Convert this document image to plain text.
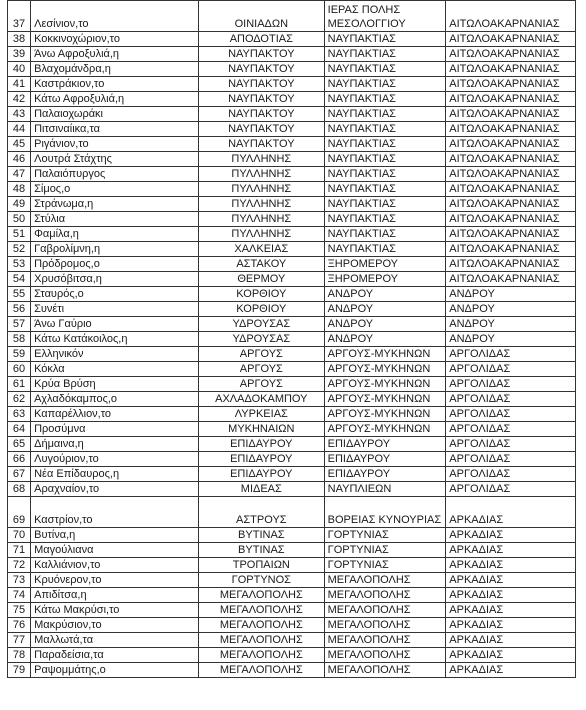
37	Λεσίνιον,το	ΟΙΝΙΑΔΩΝ	ΙΕΡΑΣ ΠΟΛΗΣ ΜΕΣΟΛΟΓΓΙΟΥ	ΑΙΤΩΛΟΑΚΑΡΝΑΝΙΑΣ
38	Κοκκινοχώριον,το	ΑΠΟΔΟΤΙΑΣ	ΝΑΥΠΑΚΤΙΑΣ	ΑΙΤΩΛΟΑΚΑΡΝΑΝΙΑΣ
39	Άνω Αφροξυλιά,η	ΝΑΥΠΑΚΤΟΥ	ΝΑΥΠΑΚΤΙΑΣ	ΑΙΤΩΛΟΑΚΑΡΝΑΝΙΑΣ
40	Βλαχομάνδρα,η	ΝΑΥΠΑΚΤΟΥ	ΝΑΥΠΑΚΤΙΑΣ	ΑΙΤΩΛΟΑΚΑΡΝΑΝΙΑΣ
41	Καστράκιον,το	ΝΑΥΠΑΚΤΟΥ	ΝΑΥΠΑΚΤΙΑΣ	ΑΙΤΩΛΟΑΚΑΡΝΑΝΙΑΣ
42	Κάτω Αφροξυλιά,η	ΝΑΥΠΑΚΤΟΥ	ΝΑΥΠΑΚΤΙΑΣ	ΑΙΤΩΛΟΑΚΑΡΝΑΝΙΑΣ
43	Παλαιοχωράκι	ΝΑΥΠΑΚΤΟΥ	ΝΑΥΠΑΚΤΙΑΣ	ΑΙΤΩΛΟΑΚΑΡΝΑΝΙΑΣ
44	Πιτσιναίικα,τα	ΝΑΥΠΑΚΤΟΥ	ΝΑΥΠΑΚΤΙΑΣ	ΑΙΤΩΛΟΑΚΑΡΝΑΝΙΑΣ
45	Ριγάνιον,το	ΝΑΥΠΑΚΤΟΥ	ΝΑΥΠΑΚΤΙΑΣ	ΑΙΤΩΛΟΑΚΑΡΝΑΝΙΑΣ
46	Λουτρά Στάχτης	ΠΥΛΛΗΝΗΣ	ΝΑΥΠΑΚΤΙΑΣ	ΑΙΤΩΛΟΑΚΑΡΝΑΝΙΑΣ
47	Παλαιόπυργος	ΠΥΛΛΗΝΗΣ	ΝΑΥΠΑΚΤΙΑΣ	ΑΙΤΩΛΟΑΚΑΡΝΑΝΙΑΣ
48	Σίμος,ο	ΠΥΛΛΗΝΗΣ	ΝΑΥΠΑΚΤΙΑΣ	ΑΙΤΩΛΟΑΚΑΡΝΑΝΙΑΣ
49	Στράνωμα,η	ΠΥΛΛΗΝΗΣ	ΝΑΥΠΑΚΤΙΑΣ	ΑΙΤΩΛΟΑΚΑΡΝΑΝΙΑΣ
50	Στύλια	ΠΥΛΛΗΝΗΣ	ΝΑΥΠΑΚΤΙΑΣ	ΑΙΤΩΛΟΑΚΑΡΝΑΝΙΑΣ
51	Φαμίλα,η	ΠΥΛΛΗΝΗΣ	ΝΑΥΠΑΚΤΙΑΣ	ΑΙΤΩΛΟΑΚΑΡΝΑΝΙΑΣ
52	Γαβρολίμνη,η	ΧΑΛΚΕΙΑΣ	ΝΑΥΠΑΚΤΙΑΣ	ΑΙΤΩΛΟΑΚΑΡΝΑΝΙΑΣ
53	Πρόδρομος,ο	ΑΣΤΑΚΟΥ	ΞΗΡΟΜΕΡΟΥ	ΑΙΤΩΛΟΑΚΑΡΝΑΝΙΑΣ
54	Χρυσόβιτσα,η	ΘΕΡΜΟΥ	ΞΗΡΟΜΕΡΟΥ	ΑΙΤΩΛΟΑΚΑΡΝΑΝΙΑΣ
55	Σταυρός,ο	ΚΟΡΘΙΟΥ	ΑΝΔΡΟΥ	ΑΝΔΡΟΥ
56	Συνέτι	ΚΟΡΘΙΟΥ	ΑΝΔΡΟΥ	ΑΝΔΡΟΥ
57	Άνω Γαύριο	ΥΔΡΟΥΣΑΣ	ΑΝΔΡΟΥ	ΑΝΔΡΟΥ
58	Κάτω Κατάκοιλος,η	ΥΔΡΟΥΣΑΣ	ΑΝΔΡΟΥ	ΑΝΔΡΟΥ
59	Ελληνικόν	ΑΡΓΟΥΣ	ΑΡΓΟΥΣ-ΜΥΚΗΝΩΝ	ΑΡΓΟΛΙΔΑΣ
60	Κόκλα	ΑΡΓΟΥΣ	ΑΡΓΟΥΣ-ΜΥΚΗΝΩΝ	ΑΡΓΟΛΙΔΑΣ
61	Κρύα Βρύση	ΑΡΓΟΥΣ	ΑΡΓΟΥΣ-ΜΥΚΗΝΩΝ	ΑΡΓΟΛΙΔΑΣ
62	Αχλαδόκαμπος,ο	ΑΧΛΑΔΟΚΑΜΠΟΥ	ΑΡΓΟΥΣ-ΜΥΚΗΝΩΝ	ΑΡΓΟΛΙΔΑΣ
63	Καπαρέλλιον,το	ΛΥΡΚΕΙΑΣ	ΑΡΓΟΥΣ-ΜΥΚΗΝΩΝ	ΑΡΓΟΛΙΔΑΣ
64	Προσύμνα	ΜΥΚΗΝΑΙΩΝ	ΑΡΓΟΥΣ-ΜΥΚΗΝΩΝ	ΑΡΓΟΛΙΔΑΣ
65	Δήμαινα,η	ΕΠΙΔΑΥΡΟΥ	ΕΠΙΔΑΥΡΟΥ	ΑΡΓΟΛΙΔΑΣ
66	Λυγούριον,το	ΕΠΙΔΑΥΡΟΥ	ΕΠΙΔΑΥΡΟΥ	ΑΡΓΟΛΙΔΑΣ
67	Νέα Επίδαυρος,η	ΕΠΙΔΑΥΡΟΥ	ΕΠΙΔΑΥΡΟΥ	ΑΡΓΟΛΙΔΑΣ
68	Αραχναίον,το	ΜΙΔΕΑΣ	ΝΑΥΠΛΙΕΩΝ	ΑΡΓΟΛΙΔΑΣ
69	Καστρίον,το	ΑΣΤΡΟΥΣ	ΒΟΡΕΙΑΣ ΚΥΝΟΥΡΙΑΣ	ΑΡΚΑΔΙΑΣ
70	Βυτίνα,η	ΒΥΤΙΝΑΣ	ΓΟΡΤΥΝΙΑΣ	ΑΡΚΑΔΙΑΣ
71	Μαγούλιανα	ΒΥΤΙΝΑΣ	ΓΟΡΤΥΝΙΑΣ	ΑΡΚΑΔΙΑΣ
72	Καλλιάνιον,το	ΤΡΟΠΑΙΩΝ	ΓΟΡΤΥΝΙΑΣ	ΑΡΚΑΔΙΑΣ
73	Κρυόνερον,το	ΓΟΡΤΥΝΟΣ	ΜΕΓΑΛΟΠΟΛΗΣ	ΑΡΚΑΔΙΑΣ
74	Απιδίτσα,η	ΜΕΓΑΛΟΠΟΛΗΣ	ΜΕΓΑΛΟΠΟΛΗΣ	ΑΡΚΑΔΙΑΣ
75	Κάτω Μακρύσι,το	ΜΕΓΑΛΟΠΟΛΗΣ	ΜΕΓΑΛΟΠΟΛΗΣ	ΑΡΚΑΔΙΑΣ
76	Μακρύσιον,το	ΜΕΓΑΛΟΠΟΛΗΣ	ΜΕΓΑΛΟΠΟΛΗΣ	ΑΡΚΑΔΙΑΣ
77	Μαλλωτά,τα	ΜΕΓΑΛΟΠΟΛΗΣ	ΜΕΓΑΛΟΠΟΛΗΣ	ΑΡΚΑΔΙΑΣ
78	Παραδείσια,τα	ΜΕΓΑΛΟΠΟΛΗΣ	ΜΕΓΑΛΟΠΟΛΗΣ	ΑΡΚΑΔΙΑΣ
79	Ραψομμάτης,ο	ΜΕΓΑΛΟΠΟΛΗΣ	ΜΕΓΑΛΟΠΟΛΗΣ	ΑΡΚΑΔΙΑΣ
